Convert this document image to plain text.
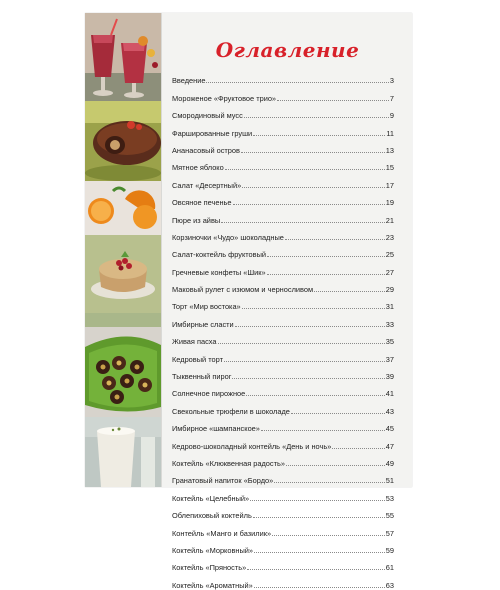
Оглавление
Введение	3
Мороженое «Фруктовое трио»	7
Смородиновый мусс	9
Фаршированные груши	11
Ананасовый остров	13
Мятное яблоко	15
Салат «Десертный»	17
Овсяное печенье	19
Пюре из айвы	21
Корзиночки «Чудо» шоколадные	23
Салат-коктейль фруктовый	25
Гречневые конфеты «Шик»	27
Маковый рулет с изюмом и черносливом	29
Торт «Мир востока»	31
Имбирные сласти	33
Живая пасха	35
Кедровый торт	37
Тыквенный пирог	39
Солнечное пирожное	41
Свекольные трюфели в шоколаде	43
Имбирное «шампанское»	45
Кедрово-шоколадный контейль «День и ночь»	47
Коктейль «Клюквенная радость»	49
Гранатовый напиток «Бордо»	51
Коктейль «Целебный»	53
Облепиховый коктейль	55
Контейль «Манго и базилик»	57
Коктейль «Морковный»	59
Коктейль «Пряность»	61
Коктейль «Ароматный»	63
